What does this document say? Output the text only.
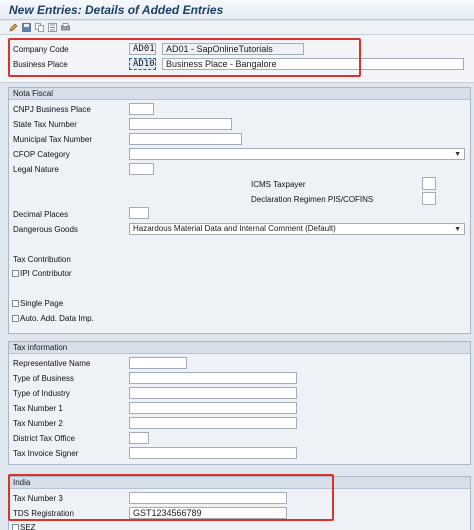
New Entries: Details of Added Entries
Company Code	AD01	AD01 - SapOnlineTutorials
Business Place	AD10	Business Place - Bangalore
Nota Fiscal
CNPJ Business Place
State Tax Number
Municipal Tax Number
CFOP Category	▼
Legal Nature
ICMS Taxpayer
Declaration Regimen PIS/COFINS
Decimal Places
Dangerous Goods	Hazardous Material Data and Internal Comment (Default)	▼
Tax Contribution
IPI Contributor
Single Page
Auto. Add. Data Imp.
Tax information
Representative Name
Type of Business
Type of Industry
Tax Number 1
Tax Number 2
District Tax Office
Tax Invoice Signer
India
Tax Number 3
TDS Registration	GST1234566789
SEZ
